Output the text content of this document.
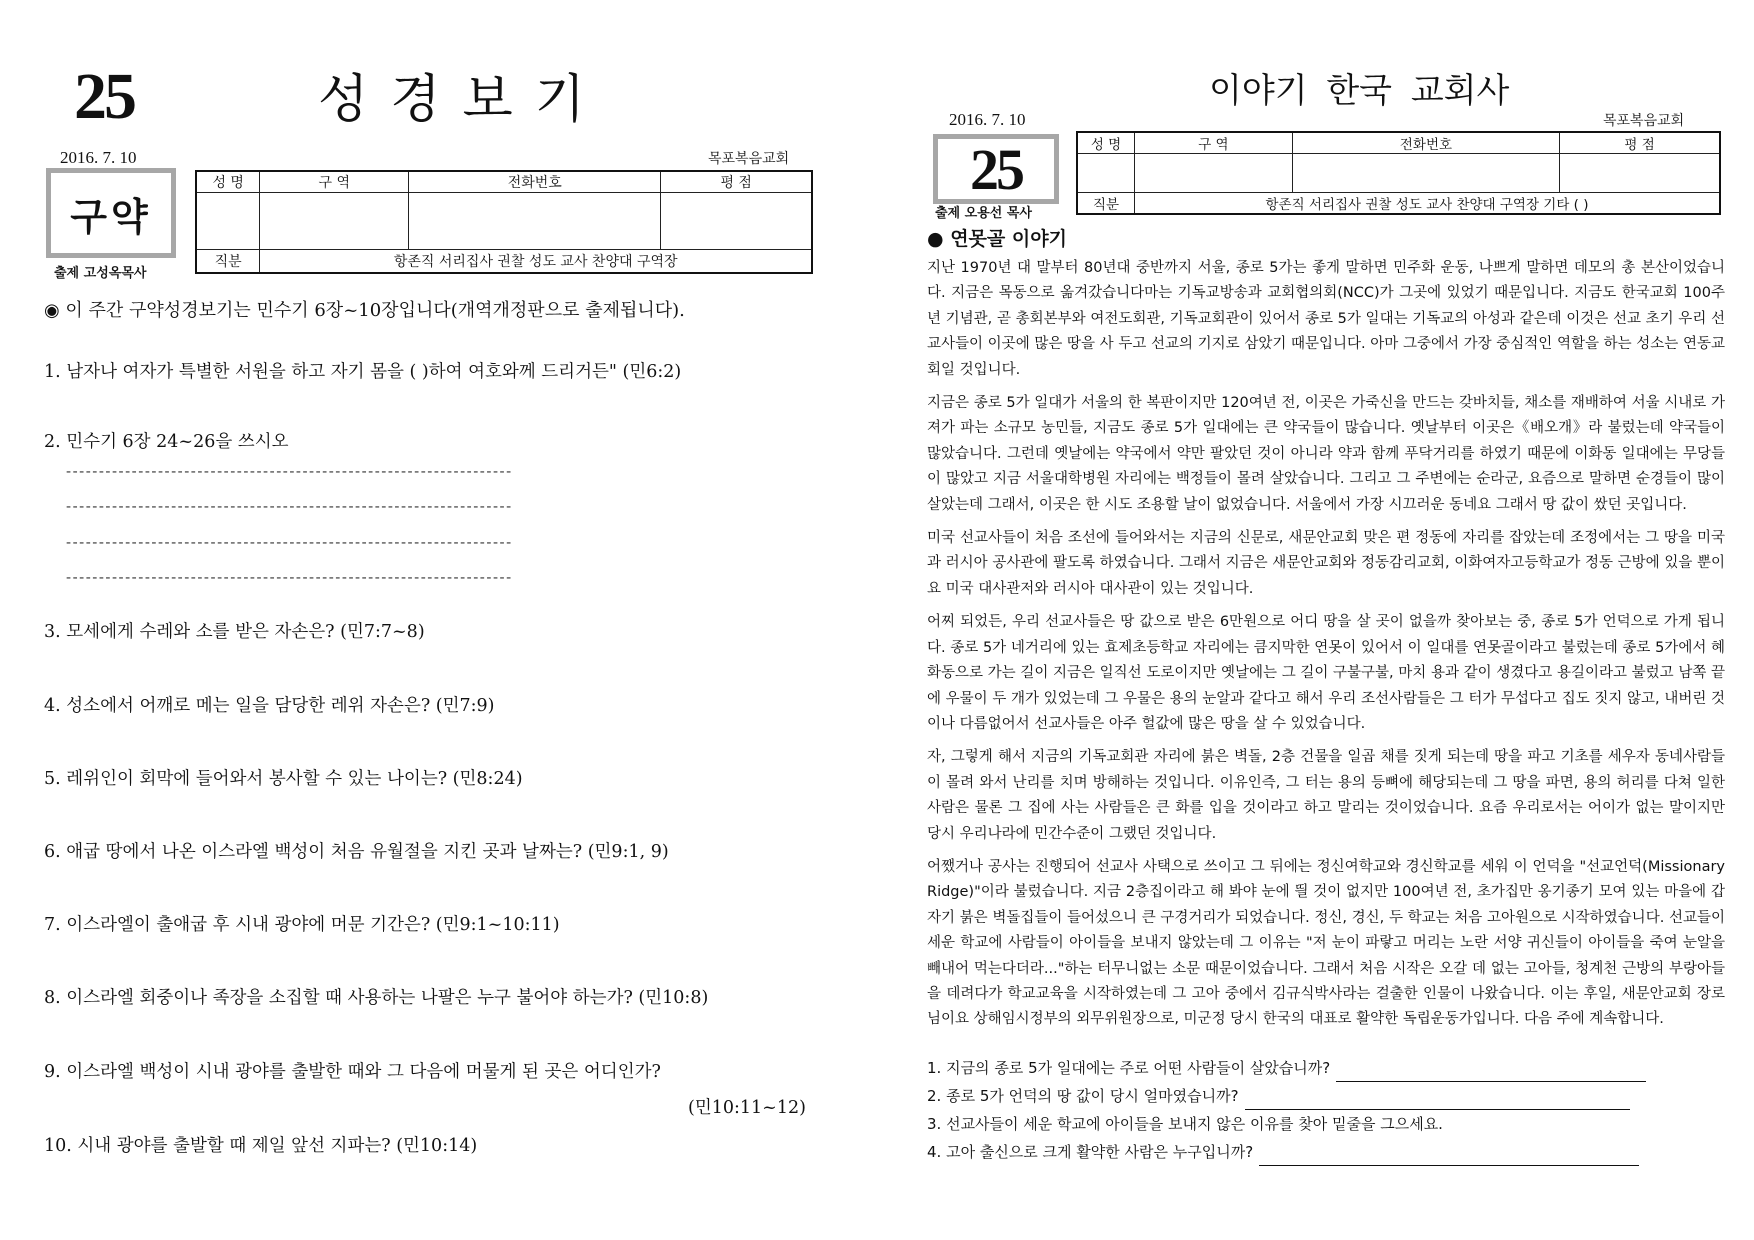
25	성경보기
2016. 7. 10	목포복음교회
구약
출제 고성옥목사
성 명	구 역	전화번호	평 점

직분	항존직 서리집사 권찰 성도 교사 찬양대 구역장		
◉ 이 주간 구약성경보기는 민수기 6장~10장입니다(개역개정판으로 출제됩니다).
1. 남자나 여자가 특별한 서원을 하고 자기 몸을 ( )하여 여호와께 드리거든" (민6:2)
2. 민수기 6장 24~26을 쓰시오
--------------------------------------------------------------------
--------------------------------------------------------------------
--------------------------------------------------------------------
--------------------------------------------------------------------
3. 모세에게 수레와 소를 받은 자손은? (민7:7~8)
4. 성소에서 어깨로 메는 일을 담당한 레위 자손은? (민7:9)
5. 레위인이 회막에 들어와서 봉사할 수 있는 나이는? (민8:24)
6. 애굽 땅에서 나온 이스라엘 백성이 처음 유월절을 지킨 곳과 날짜는? (민9:1, 9)
7. 이스라엘이 출애굽 후 시내 광야에 머문 기간은? (민9:1~10:11)
8. 이스라엘 회중이나 족장을 소집할 때 사용하는 나팔은 누구 불어야 하는가? (민10:8)
9. 이스라엘 백성이 시내 광야를 출발한 때와 그 다음에 머물게 된 곳은 어디인가?
(민10:11~12)
10. 시내 광야를 출발할 때 제일 앞선 지파는? (민10:14)
이야기 한국 교회사
2016. 7. 10	목포복음교회
25
출제 오용선 목사
성 명	구 역	전화번호	평 점

직분	항존직 서리집사 권찰 성도 교사 찬양대 구역장 기타 ( )		
● 연못골 이야기

지난 1970년 대 말부터 80년대 중반까지 서울, 종로 5가는 좋게 말하면 민주화 운동, 나쁘게 말하면 데모의 총 본산이었습니다. 지금은 목동으로 옮겨갔습니다마는 기독교방송과 교회협의회(NCC)가 그곳에 있었기 때문입니다. 지금도 한국교회 100주년 기념관, 곧 총회본부와 여전도회관, 기독교회관이 있어서 종로 5가 일대는 기독교의 아성과 같은데 이것은 선교 초기 우리 선교사들이 이곳에 많은 땅을 사 두고 선교의 기지로 삼았기 때문입니다. 아마 그중에서 가장 중심적인 역할을 하는 성소는 연동교회일 것입니다.

지금은 종로 5가 일대가 서울의 한 복판이지만 120여년 전, 이곳은 가죽신을 만드는 갖바치들, 채소를 재배하여 서울 시내로 가져가 파는 소규모 농민들, 지금도 종로 5가 일대에는 큰 약국들이 많습니다. 옛날부터 이곳은《배오개》라 불렀는데 약국들이 많았습니다. 그런데 옛날에는 약국에서 약만 팔았던 것이 아니라 약과 함께 푸닥거리를 하였기 때문에 이화동 일대에는 무당들이 많았고 지금 서울대학병원 자리에는 백정들이 몰려 살았습니다. 그리고 그 주변에는 순라군, 요즘으로 말하면 순경들이 많이 살았는데 그래서, 이곳은 한 시도 조용할 날이 없었습니다. 서울에서 가장 시끄러운 동네요 그래서 땅 값이 쌌던 곳입니다.

미국 선교사들이 처음 조선에 들어와서는 지금의 신문로, 새문안교회 맞은 편 정동에 자리를 잡았는데 조정에서는 그 땅을 미국과 러시아 공사관에 팔도록 하였습니다. 그래서 지금은 새문안교회와 정동감리교회, 이화여자고등학교가 정동 근방에 있을 뿐이요 미국 대사관저와 러시아 대사관이 있는 것입니다.

어찌 되었든, 우리 선교사들은 땅 값으로 받은 6만원으로 어디 땅을 살 곳이 없을까 찾아보는 중, 종로 5가 언덕으로 가게 됩니다. 종로 5가 네거리에 있는 효제초등학교 자리에는 큼지막한 연못이 있어서 이 일대를 연못골이라고 불렀는데 종로 5가에서 혜화동으로 가는 길이 지금은 일직선 도로이지만 옛날에는 그 길이 구불구불, 마치 용과 같이 생겼다고 용길이라고 불렀고 남쪽 끝에 우물이 두 개가 있었는데 그 우물은 용의 눈알과 같다고 해서 우리 조선사람들은 그 터가 무섭다고 집도 짓지 않고, 내버린 것이나 다름없어서 선교사들은 아주 헐값에 많은 땅을 살 수 있었습니다.

자, 그렇게 해서 지금의 기독교회관 자리에 붉은 벽돌, 2층 건물을 일곱 채를 짓게 되는데 땅을 파고 기초를 세우자 동네사람들이 몰려 와서 난리를 치며 방해하는 것입니다. 이유인즉, 그 터는 용의 등뼈에 해당되는데 그 땅을 파면, 용의 허리를 다쳐 일한 사람은 물론 그 집에 사는 사람들은 큰 화를 입을 것이라고 하고 말리는 것이었습니다. 요즘 우리로서는 어이가 없는 말이지만 당시 우리나라에 민간수준이 그랬던 것입니다.

어쨌거나 공사는 진행되어 선교사 사택으로 쓰이고 그 뒤에는 정신여학교와 경신학교를 세워 이 언덕을 "선교언덕(Missionary Ridge)"이라 불렀습니다. 지금 2층집이라고 해 봐야 눈에 띌 것이 없지만 100여년 전, 초가집만 옹기종기 모여 있는 마을에 갑자기 붉은 벽돌집들이 들어섰으니 큰 구경거리가 되었습니다. 정신, 경신, 두 학교는 처음 고아원으로 시작하였습니다. 선교들이 세운 학교에 사람들이 아이들을 보내지 않았는데 그 이유는 "저 눈이 파랗고 머리는 노란 서양 귀신들이 아이들을 죽여 눈알을 빼내어 먹는다더라..."하는 터무니없는 소문 때문이었습니다. 그래서 처음 시작은 오갈 데 없는 고아들, 청계천 근방의 부랑아들을 데려다가 학교교육을 시작하였는데 그 고아 중에서 김규식박사라는 걸출한 인물이 나왔습니다. 이는 후일, 새문안교회 장로님이요 상해임시정부의 외무위원장으로, 미군정 당시 한국의 대표로 활약한 독립운동가입니다. 다음 주에 계속합니다.

1. 지금의 종로 5가 일대에는 주로 어떤 사람들이 살았습니까?
2. 종로 5가 언덕의 땅 값이 당시 얼마였습니까?
3. 선교사들이 세운 학교에 아이들을 보내지 않은 이유를 찾아 밑줄을 그으세요.
4. 고아 출신으로 크게 활약한 사람은 누구입니까?
